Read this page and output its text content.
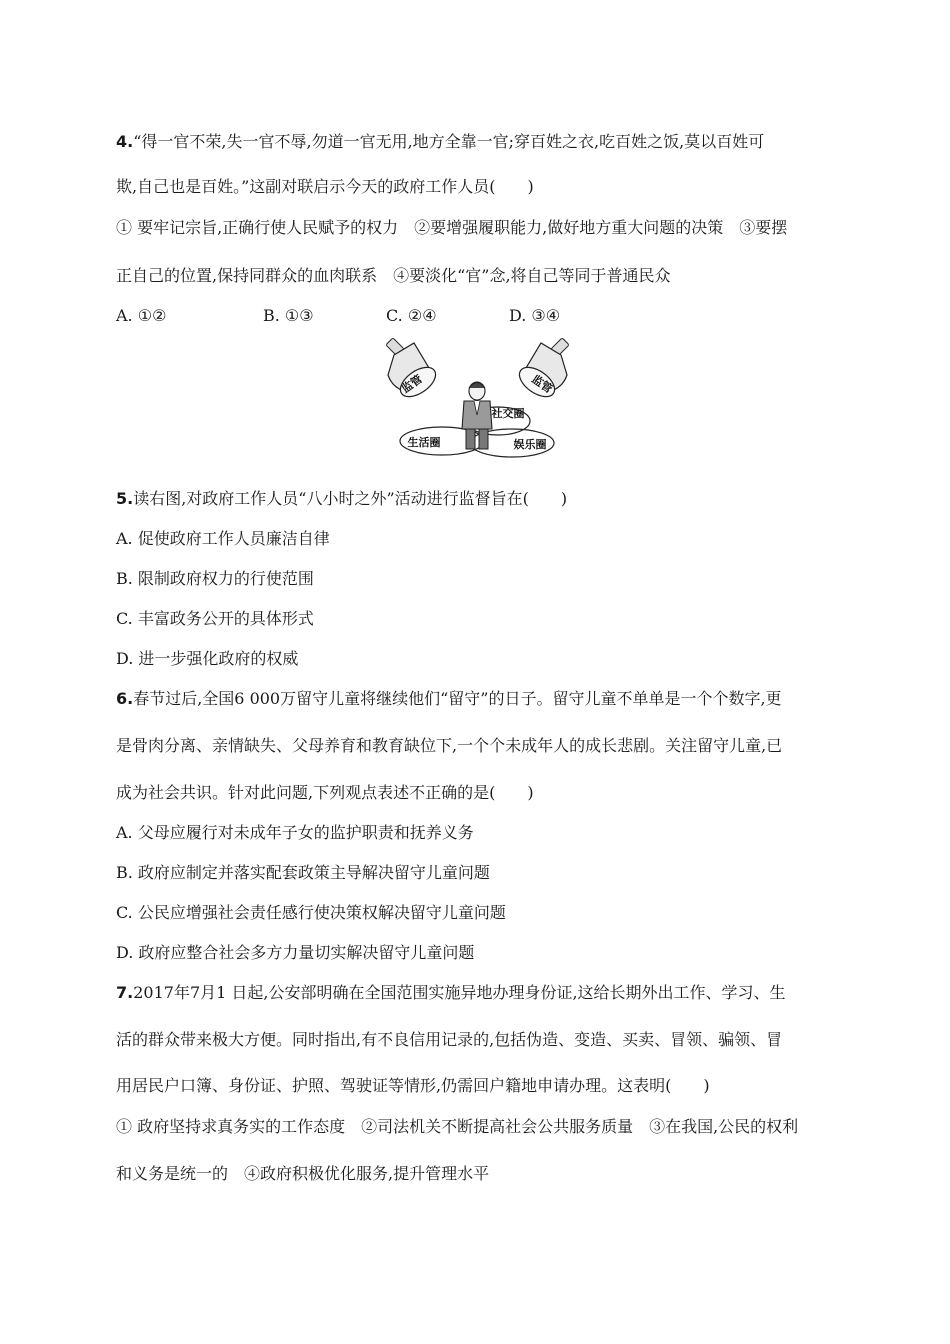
4.“得一官不荣,失一官不辱,勿道一官无用,地方全靠一官;穿百姓之衣,吃百姓之饭,莫以百姓可
欺,自己也是百姓。”这副对联启示今天的政府工作人员(　　)
① 要牢记宗旨,正确行使人民赋予的权力　②要增强履职能力,做好地方重大问题的决策　③要摆
正自己的位置,保持同群众的血肉联系　④要淡化“官”念,将自己等同于普通民众
A. ①②	B. ①③	C. ②④	D. ③④
监管	监管
社交圈
生活圈	娱乐圈
5.读右图,对政府工作人员“八小时之外”活动进行监督旨在(　　)
A. 促使政府工作人员廉洁自律
B. 限制政府权力的行使范围
C. 丰富政务公开的具体形式
D. 进一步强化政府的权威
6.春节过后,全国6 000万留守儿童将继续他们“留守”的日子。留守儿童不单单是一个个数字,更
是骨肉分离、亲情缺失、父母养育和教育缺位下,一个个未成年人的成长悲剧。关注留守儿童,已
成为社会共识。针对此问题,下列观点表述不正确的是(　　)
A. 父母应履行对未成年子女的监护职责和抚养义务
B. 政府应制定并落实配套政策主导解决留守儿童问题
C. 公民应增强社会责任感行使决策权解决留守儿童问题
D. 政府应整合社会多方力量切实解决留守儿童问题
7.2017年7月1 日起,公安部明确在全国范围实施异地办理身份证,这给长期外出工作、学习、生
活的群众带来极大方便。同时指出,有不良信用记录的,包括伪造、变造、买卖、冒领、骗领、冒
用居民户口簿、身份证、护照、驾驶证等情形,仍需回户籍地申请办理。这表明(　　)
① 政府坚持求真务实的工作态度　②司法机关不断提高社会公共服务质量　③在我国,公民的权利
和义务是统一的　④政府积极优化服务,提升管理水平
